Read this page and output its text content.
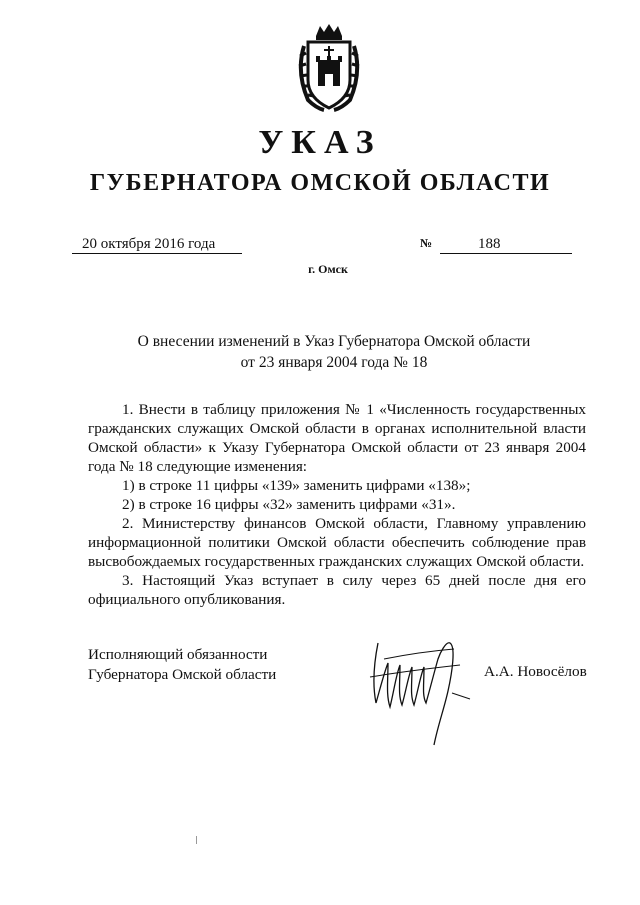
УКАЗ
ГУБЕРНАТОРА ОМСКОЙ ОБЛАСТИ
20 октября 2016 года	№	188
г. Омск
О внесении изменений в Указ Губернатора Омской области
от 23 января 2004 года № 18

1. Внести в таблицу приложения № 1 «Численность государственных гражданских служащих Омской области в органах исполнительной власти Омской области» к Указу Губернатора Омской области от 23 января 2004 года № 18 следующие изменения:

1) в строке 11 цифры «139» заменить цифрами «138»;

2) в строке 16 цифры «32» заменить цифрами «31».

2. Министерству финансов Омской области, Главному управлению информационной политики Омской области обеспечить соблюдение прав высвобождаемых государственных гражданских служащих Омской области.

3. Настоящий Указ вступает в силу через 65 дней после дня его официального опубликования.

Исполняющий обязанности
Губернатора Омской области	А.А. Новосёлов
